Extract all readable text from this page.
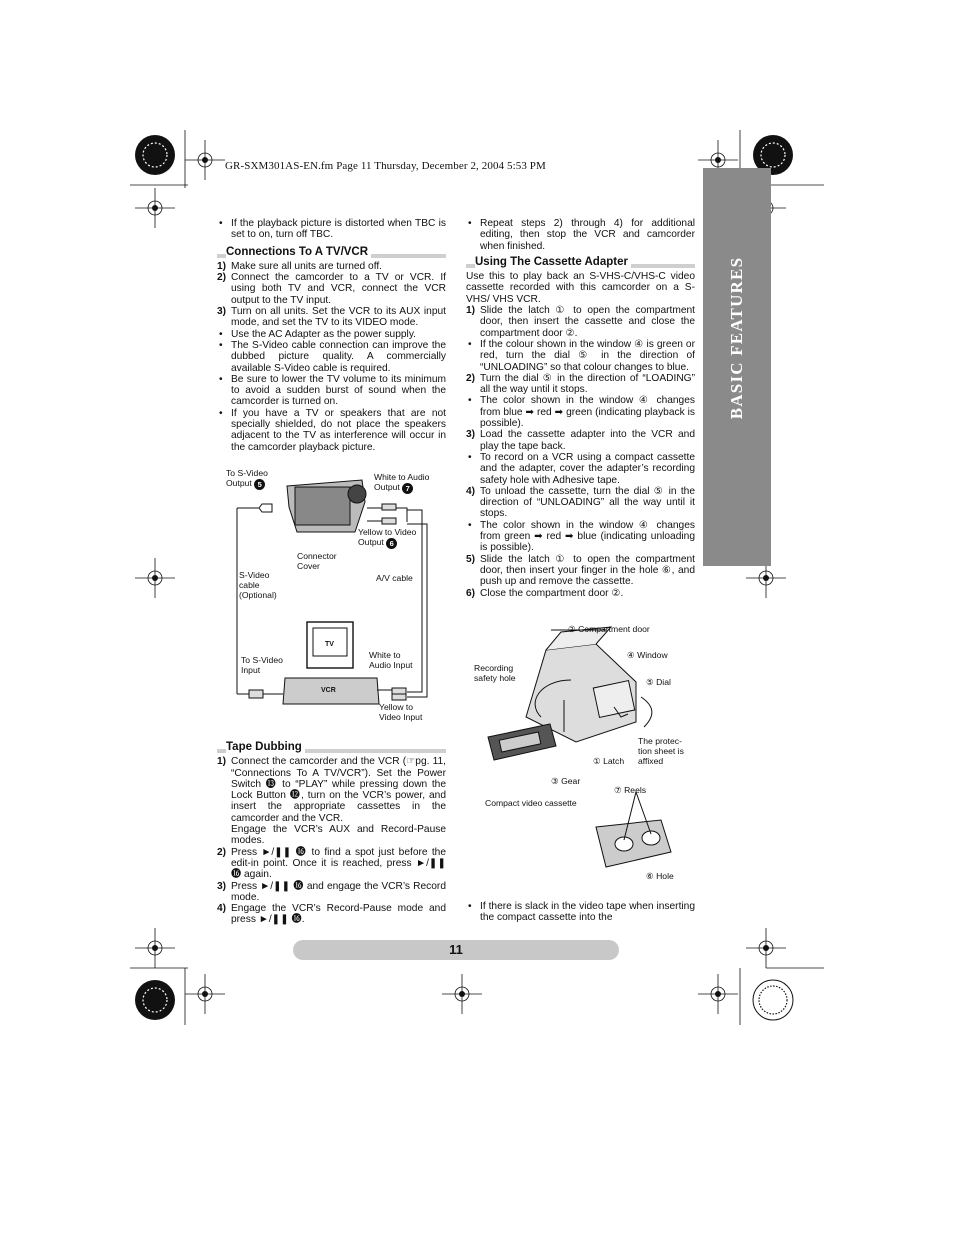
GR-SXM301AS-EN.fm Page 11 Thursday, December 2, 2004 5:53 PM
BASIC FEATURES

• If the playback picture is distorted when TBC is set to on, turn off TBC.

Connections To A TV/VCR

1) Make sure all units are turned off.

2) Connect the camcorder to a TV or VCR. If using both TV and VCR, connect the VCR output to the TV input.

3) Turn on all units. Set the VCR to its AUX input mode, and set the TV to its VIDEO mode.

• Use the AC Adapter as the power supply.

• The S-Video cable connection can improve the dubbed picture quality. A commercially available S-Video cable is required.

• Be sure to lower the TV volume to its minimum to avoid a sudden burst of sound when the camcorder is turned on.

• If you have a TV or speakers that are not specially shielded, do not place the speakers adjacent to the TV as interference will occur in the camcorder playback picture.

To S-Video
Output 5
White to Audio
Output 7
Yellow to Video
Output 6
Connector
Cover
S-Video
cable
(Optional)
A/V cable
TV
White to
Audio Input
To S-Video
Input
VCR
Yellow to
Video Input
Tape Dubbing

1) Connect the camcorder and the VCR (☞pg. 11, “Connections To A TV/VCR”). Set the Power Switch ⓭ to “PLAY” while pressing down the Lock Button ⓬, turn on the VCR’s power, and insert the appropriate cassettes in the camcorder and the VCR.

Engage the VCR’s AUX and Record-Pause modes.

2) Press ►/❚❚ ⓰ to find a spot just before the edit-in point. Once it is reached, press ►/❚❚ ⓰ again.

3) Press ►/❚❚ ⓰ and engage the VCR’s Record mode.

4) Engage the VCR’s Record-Pause mode and press ►/❚❚ ⓰.

• Repeat steps 2) through 4) for additional editing, then stop the VCR and camcorder when finished.

Using The Cassette Adapter

Use this to play back an S-VHS-C/VHS-C video cassette recorded with this camcorder on a S-VHS/ VHS VCR.

1) Slide the latch ① to open the compartment door, then insert the cassette and close the compartment door ②.

• If the colour shown in the window ④ is green or red, turn the dial ⑤ in the direction of “UNLOADING” so that colour changes to blue.

2) Turn the dial ⑤ in the direction of “LOADING” all the way until it stops.

• The color shown in the window ④ changes from blue ➡ red ➡ green (indicating playback is possible).

3) Load the cassette adapter into the VCR and play the tape back.

• To record on a VCR using a compact cassette and the adapter, cover the adapter’s recording safety hole with Adhesive tape.

4) To unload the cassette, turn the dial ⑤ in the direction of “UNLOADING” all the way until it stops.

• The color shown in the window ④ changes from green ➡ red ➡ blue (indicating unloading is possible).

5) Slide the latch ① to open the compartment door, then insert your finger in the hole ⑥, and push up and remove the cassette.

6) Close the compartment door ②.

② Compartment door
④ Window
Recording
safety hole	⑤ Dial
The protec-
tion sheet is
affixed
① Latch
③ Gear
⑦ Reels
Compact video cassette
⑥ Hole

• If there is slack in the video tape when inserting the compact cassette into the

11
